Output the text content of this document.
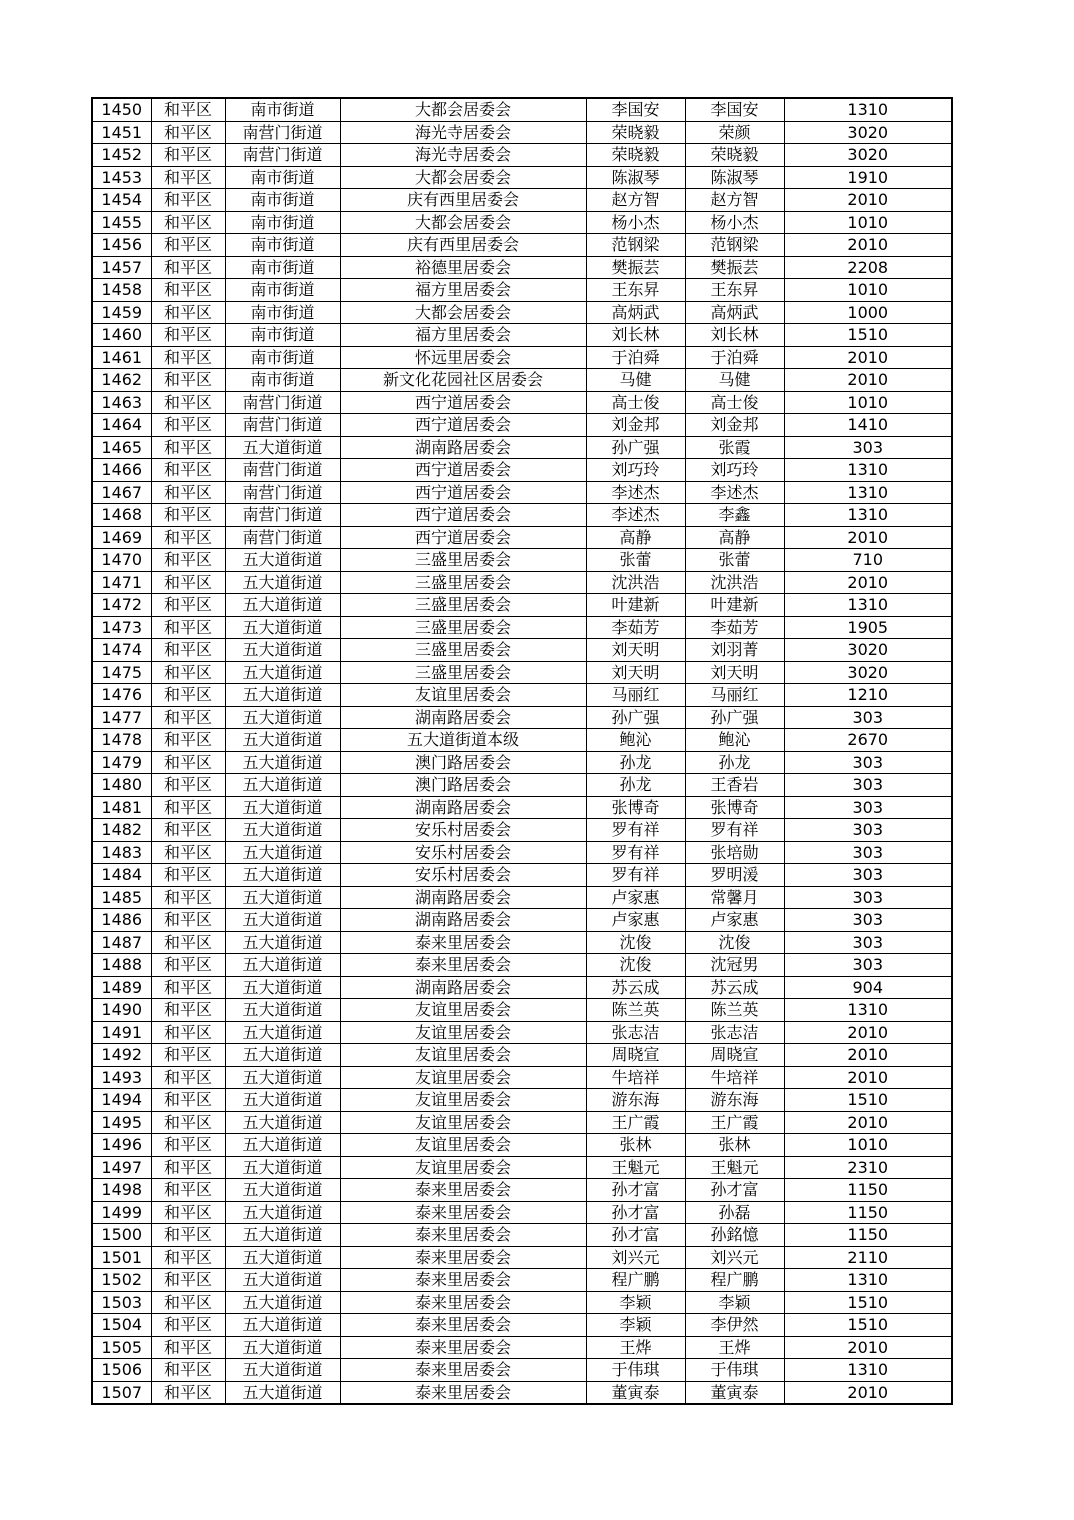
1450	和平区	南市街道	大都会居委会	李国安	李国安	1310
1451	和平区	南营门街道	海光寺居委会	荣晓毅	荣颜	3020
1452	和平区	南营门街道	海光寺居委会	荣晓毅	荣晓毅	3020
1453	和平区	南市街道	大都会居委会	陈淑琴	陈淑琴	1910
1454	和平区	南市街道	庆有西里居委会	赵方智	赵方智	2010
1455	和平区	南市街道	大都会居委会	杨小杰	杨小杰	1010
1456	和平区	南市街道	庆有西里居委会	范钢梁	范钢梁	2010
1457	和平区	南市街道	裕德里居委会	樊振芸	樊振芸	2208
1458	和平区	南市街道	福方里居委会	王东昇	王东昇	1010
1459	和平区	南市街道	大都会居委会	高炳武	高炳武	1000
1460	和平区	南市街道	福方里居委会	刘长林	刘长林	1510
1461	和平区	南市街道	怀远里居委会	于泊舜	于泊舜	2010
1462	和平区	南市街道	新文化花园社区居委会	马健	马健	2010
1463	和平区	南营门街道	西宁道居委会	高士俊	高士俊	1010
1464	和平区	南营门街道	西宁道居委会	刘金邦	刘金邦	1410
1465	和平区	五大道街道	湖南路居委会	孙广强	张霞	303
1466	和平区	南营门街道	西宁道居委会	刘巧玲	刘巧玲	1310
1467	和平区	南营门街道	西宁道居委会	李述杰	李述杰	1310
1468	和平区	南营门街道	西宁道居委会	李述杰	李鑫	1310
1469	和平区	南营门街道	西宁道居委会	高静	高静	2010
1470	和平区	五大道街道	三盛里居委会	张蕾	张蕾	710
1471	和平区	五大道街道	三盛里居委会	沈洪浩	沈洪浩	2010
1472	和平区	五大道街道	三盛里居委会	叶建新	叶建新	1310
1473	和平区	五大道街道	三盛里居委会	李茹芳	李茹芳	1905
1474	和平区	五大道街道	三盛里居委会	刘天明	刘羽菁	3020
1475	和平区	五大道街道	三盛里居委会	刘天明	刘天明	3020
1476	和平区	五大道街道	友谊里居委会	马丽红	马丽红	1210
1477	和平区	五大道街道	湖南路居委会	孙广强	孙广强	303
1478	和平区	五大道街道	五大道街道本级	鲍沁	鲍沁	2670
1479	和平区	五大道街道	澳门路居委会	孙龙	孙龙	303
1480	和平区	五大道街道	澳门路居委会	孙龙	王香岩	303
1481	和平区	五大道街道	湖南路居委会	张博奇	张博奇	303
1482	和平区	五大道街道	安乐村居委会	罗有祥	罗有祥	303
1483	和平区	五大道街道	安乐村居委会	罗有祥	张培勋	303
1484	和平区	五大道街道	安乐村居委会	罗有祥	罗明湲	303
1485	和平区	五大道街道	湖南路居委会	卢家惠	常馨月	303
1486	和平区	五大道街道	湖南路居委会	卢家惠	卢家惠	303
1487	和平区	五大道街道	泰来里居委会	沈俊	沈俊	303
1488	和平区	五大道街道	泰来里居委会	沈俊	沈冠男	303
1489	和平区	五大道街道	湖南路居委会	苏云成	苏云成	904
1490	和平区	五大道街道	友谊里居委会	陈兰英	陈兰英	1310
1491	和平区	五大道街道	友谊里居委会	张志洁	张志洁	2010
1492	和平区	五大道街道	友谊里居委会	周晓宣	周晓宣	2010
1493	和平区	五大道街道	友谊里居委会	牛培祥	牛培祥	2010
1494	和平区	五大道街道	友谊里居委会	游东海	游东海	1510
1495	和平区	五大道街道	友谊里居委会	王广霞	王广霞	2010
1496	和平区	五大道街道	友谊里居委会	张林	张林	1010
1497	和平区	五大道街道	友谊里居委会	王魁元	王魁元	2310
1498	和平区	五大道街道	泰来里居委会	孙才富	孙才富	1150
1499	和平区	五大道街道	泰来里居委会	孙才富	孙磊	1150
1500	和平区	五大道街道	泰来里居委会	孙才富	孙銘憶	1150
1501	和平区	五大道街道	泰来里居委会	刘兴元	刘兴元	2110
1502	和平区	五大道街道	泰来里居委会	程广鹏	程广鹏	1310
1503	和平区	五大道街道	泰来里居委会	李颖	李颖	1510
1504	和平区	五大道街道	泰来里居委会	李颖	李伊然	1510
1505	和平区	五大道街道	泰来里居委会	王烨	王烨	2010
1506	和平区	五大道街道	泰来里居委会	于伟琪	于伟琪	1310
1507	和平区	五大道街道	泰来里居委会	董寅泰	董寅泰	2010
